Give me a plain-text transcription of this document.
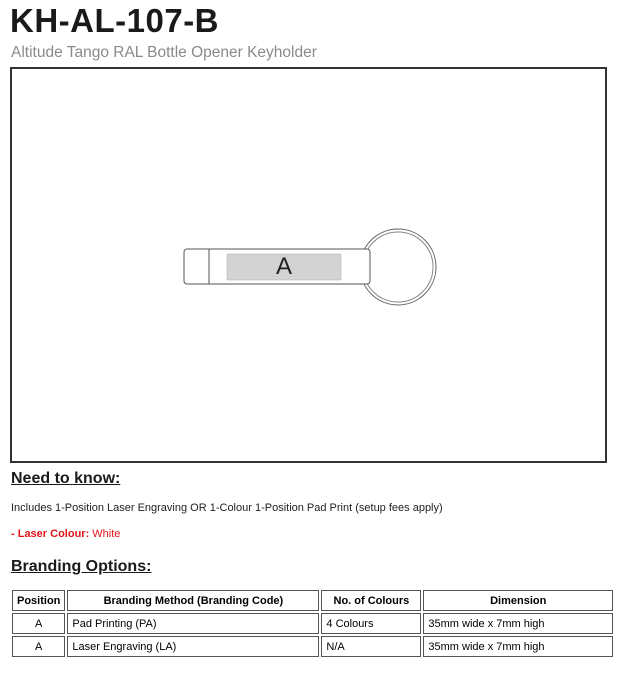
KH-AL-107-B
Altitude Tango RAL Bottle Opener Keyholder
A
Need to know:
Includes 1-Position Laser Engraving OR 1-Colour 1-Position Pad Print (setup fees apply)
- Laser Colour: White
Branding Options:
Position	Branding Method (Branding Code)	No. of Colours	Dimension
A	Pad Printing (PA)	4 Colours	35mm wide x 7mm high
A	Laser Engraving (LA)	N/A	35mm wide x 7mm high
